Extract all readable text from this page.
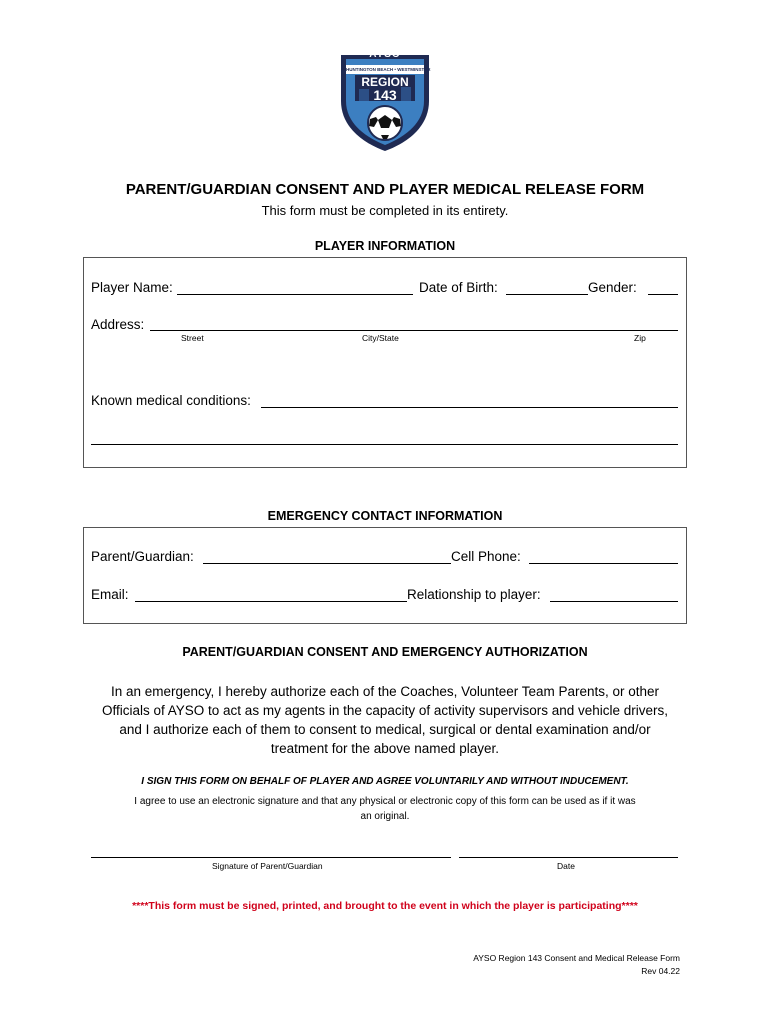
AYSO
HUNTINGTON BEACH • WESTMINSTER
REGION
143
PARENT/GUARDIAN CONSENT AND PLAYER MEDICAL RELEASE FORM
This form must be completed in its entirety.
PLAYER INFORMATION
Player Name:	Date of Birth:	Gender:
Address:
Street	City/State	Zip
Known medical conditions:
EMERGENCY CONTACT INFORMATION
Parent/Guardian:	Cell Phone:
Email:	Relationship to player:
PARENT/GUARDIAN CONSENT AND EMERGENCY AUTHORIZATION
In an emergency, I hereby authorize each of the Coaches, Volunteer Team Parents, or other
Officials of AYSO to act as my agents in the capacity of activity supervisors and vehicle drivers,
and I authorize each of them to consent to medical, surgical or dental examination and/or
treatment for the above named player.
I SIGN THIS FORM ON BEHALF OF PLAYER AND AGREE VOLUNTARILY AND WITHOUT INDUCEMENT.
I agree to use an electronic signature and that any physical or electronic copy of this form can be used as if it was
an original.
Signature of Parent/Guardian	Date
****This form must be signed, printed, and brought to the event in which the player is participating****
AYSO Region 143 Consent and Medical Release Form
Rev 04.22
